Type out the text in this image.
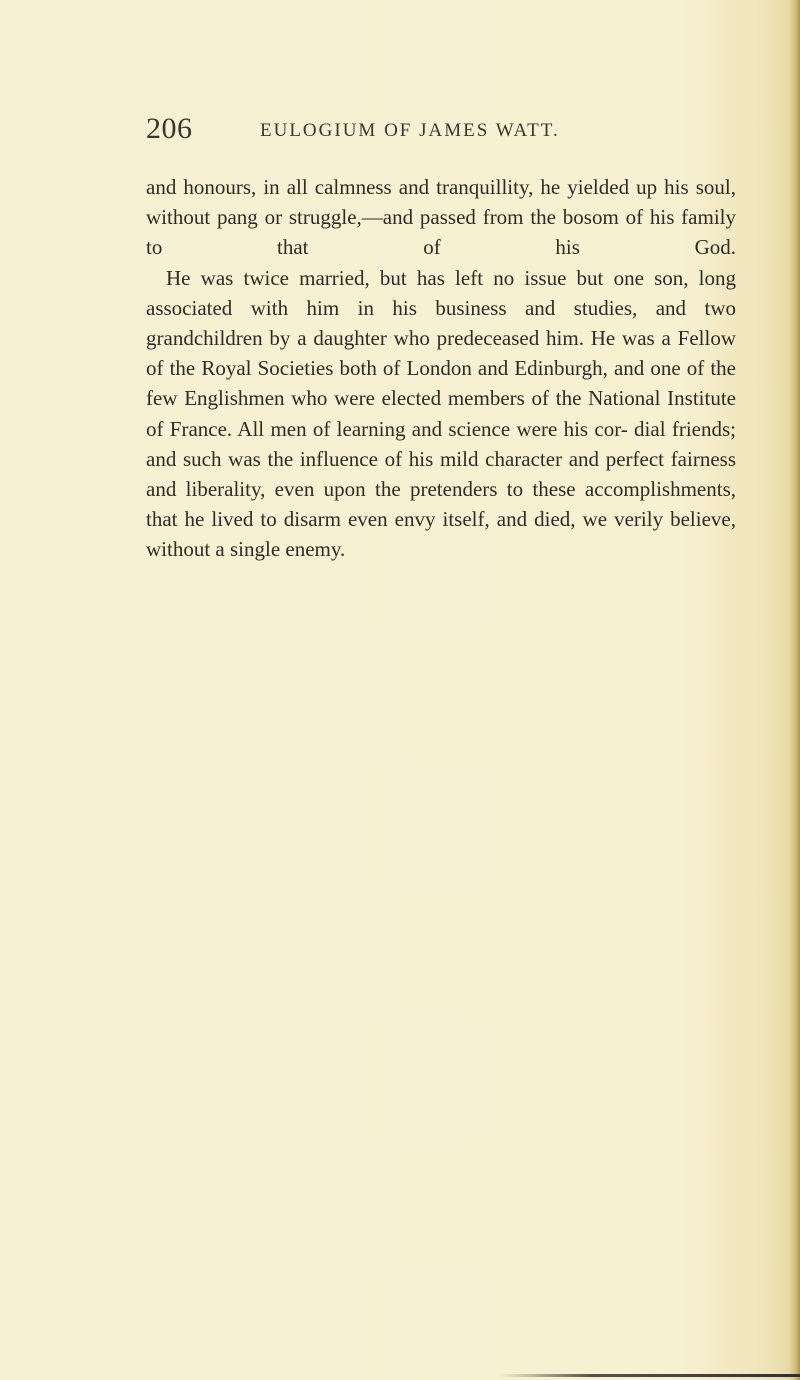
206	EULOGIUM OF JAMES WATT.

and honours, in all calmness and tranquillity, he yielded up his soul, without pang or struggle,—and passed from the bosom of his family to that of his God.

He was twice married, but has left no issue but one son, long associated with him in his business and studies, and two grandchildren by a daughter who predeceased him. He was a Fellow of the Royal Societies both of London and Edinburgh, and one of the few Englishmen who were elected members of the National Institute of France. All men of learning and science were his cor- dial friends; and such was the influence of his mild character and perfect fairness and liberality, even upon the pretenders to these accomplishments, that he lived to disarm even envy itself, and died, we verily believe, without a single enemy.
